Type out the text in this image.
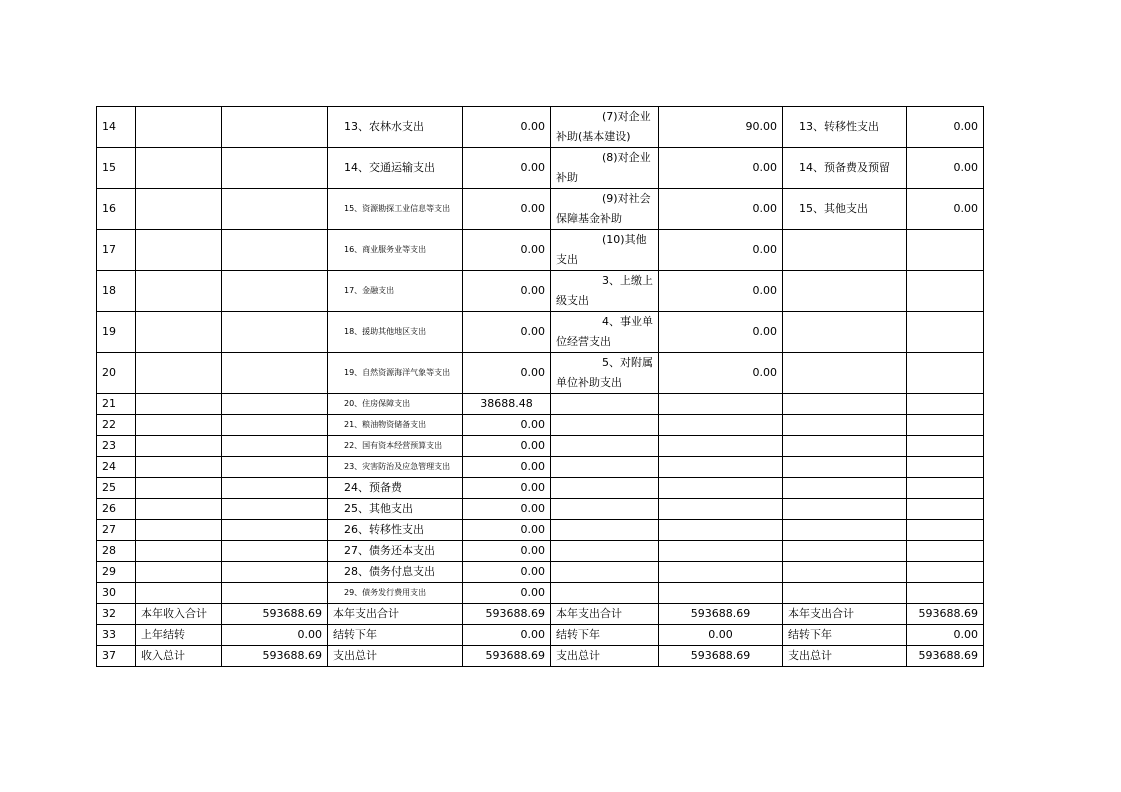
14			13、农林水支出	0.00	(7)对企业补助(基本建设)	90.00	13、转移性支出	0.00
15			14、交通运输支出	0.00	(8)对企业补助	0.00	14、预备费及预留	0.00
16			15、资源勘探工业信息等支出	0.00	(9)对社会保障基金补助	0.00	15、其他支出	0.00
17			16、商业服务业等支出	0.00	(10)其他支出	0.00		
18			17、金融支出	0.00	3、上缴上级支出	0.00		
19			18、援助其他地区支出	0.00	4、事业单位经营支出	0.00		
20			19、自然资源海洋气象等支出	0.00	5、对附属单位补助支出	0.00		
21			20、住房保障支出	38688.48				
22			21、粮油物资储备支出	0.00				
23			22、国有资本经营预算支出	0.00				
24			23、灾害防治及应急管理支出	0.00				
25			24、预备费	0.00				
26			25、其他支出	0.00				
27			26、转移性支出	0.00				
28			27、债务还本支出	0.00				
29			28、债务付息支出	0.00				
30			29、债务发行费用支出	0.00				
32	本年收入合计	593688.69	本年支出合计	593688.69	本年支出合计	593688.69	本年支出合计	593688.69
33	上年结转	0.00	结转下年	0.00	结转下年	0.00	结转下年	0.00
37	收入总计	593688.69	支出总计	593688.69	支出总计	593688.69	支出总计	593688.69
